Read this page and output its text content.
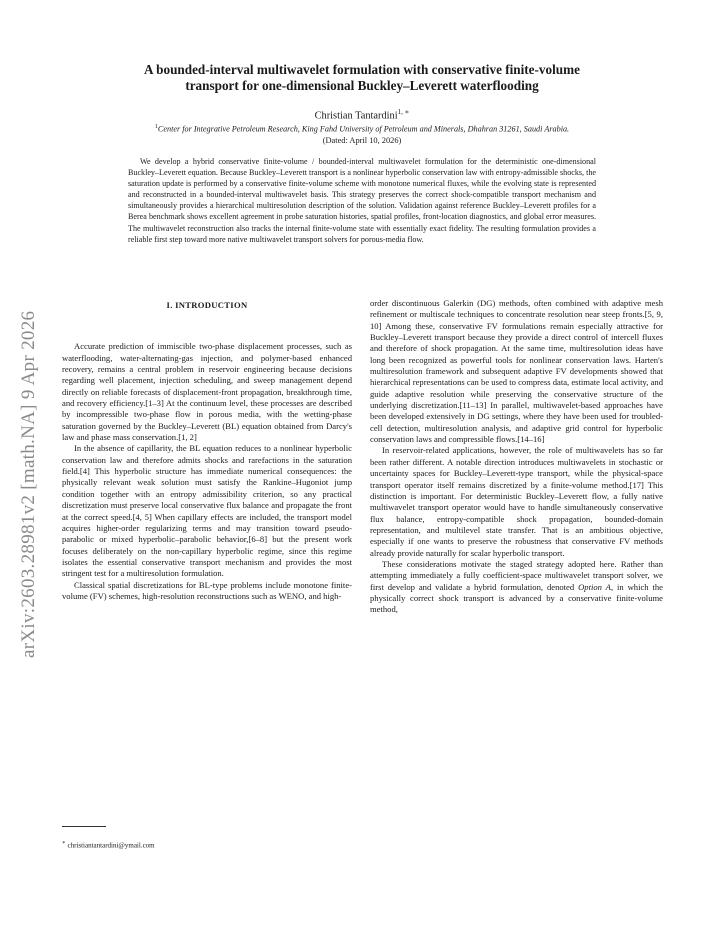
arXiv:2603.28981v2 [math.NA] 9 Apr 2026
A bounded-interval multiwavelet formulation with conservative finite-volume
transport for one-dimensional Buckley–Leverett waterflooding
Christian Tantardini$^{1, ∗}$
$^1$Center for Integrative Petroleum Research, King Fahd University of Petroleum and Minerals, Dhahran 31261, Saudi Arabia.
(Dated: April 10, 2026)
We develop a hybrid conservative finite-volume / bounded-interval multiwavelet formulation for the deterministic one-dimensional Buckley–Leverett equation. Because Buckley–Leverett transport is a nonlinear hyperbolic conservation law with entropy-admissible shocks, the saturation update is performed by a conservative finite-volume scheme with monotone numerical fluxes, while the evolving state is represented and reconstructed in a bounded-interval multiwavelet basis. This strategy preserves the correct shock-compatible transport mechanism and simultaneously provides a hierarchical multiresolution description of the solution. Validation against reference Buckley–Leverett profiles for a Berea benchmark shows excellent agreement in probe saturation histories, spatial profiles, front-location diagnostics, and global error measures. The multiwavelet reconstruction also tracks the internal finite-volume state with essentially exact fidelity. The resulting formulation provides a reliable first step toward more native multiwavelet transport solvers for porous-media flow.
I. INTRODUCTION

Accurate prediction of immiscible two-phase displacement processes, such as waterflooding, water-alternating-gas injection, and polymer-based enhanced recovery, remains a central problem in reservoir engineering because decisions regarding well placement, injection scheduling, and sweep management depend directly on reliable forecasts of displacement-front propagation, breakthrough time, and recovery efficiency.[1–3] At the continuum level, these processes are described by incompressible two-phase flow in porous media, with the wetting-phase saturation governed by the Buckley–Leverett (BL) equation obtained from Darcy's law and phase mass conservation.[1, 2]

In the absence of capillarity, the BL equation reduces to a nonlinear hyperbolic conservation law and therefore admits shocks and rarefactions in the saturation field.[4] This hyperbolic structure has immediate numerical consequences: the physically relevant weak solution must satisfy the Rankine–Hugoniot jump condition together with an entropy admissibility criterion, so any practical discretization must preserve local conservative flux balance and propagate the front at the correct speed.[4, 5] When capillary effects are included, the transport model acquires higher-order regularizing terms and may transition toward pseudo-parabolic or mixed hyperbolic–parabolic behavior,[6–8] but the present work focuses deliberately on the non-capillary hyperbolic regime, since this regime isolates the essential conservative transport mechanism and provides the most stringent test for a multiresolution formulation.

Classical spatial discretizations for BL-type problems include monotone finite-volume (FV) schemes, high-resolution reconstructions such as WENO, and high-

order discontinuous Galerkin (DG) methods, often combined with adaptive mesh refinement or multiscale techniques to concentrate resolution near steep fronts.[5, 9, 10] Among these, conservative FV formulations remain especially attractive for Buckley–Leverett transport because they provide a direct control of intercell fluxes and therefore of shock propagation. At the same time, multiresolution ideas have long been recognized as powerful tools for nonlinear conservation laws. Harten's multiresolution framework and subsequent adaptive FV developments showed that hierarchical representations can be used to compress data, estimate local activity, and guide adaptive resolution while preserving the conservative structure of the underlying discretization.[11–13] In parallel, multiwavelet-based approaches have been developed extensively in DG settings, where they have been used for troubled-cell detection, multiresolution analysis, and adaptive grid control for hyperbolic conservation laws and compressible flows.[14–16]

In reservoir-related applications, however, the role of multiwavelets has so far been rather different. A notable direction introduces multiwavelets in stochastic or uncertainty spaces for Buckley–Leverett-type transport, while the physical-space transport operator itself remains discretized by a finite-volume method.[17] This distinction is important. For deterministic Buckley–Leverett flow, a fully native multiwavelet transport operator would have to handle simultaneously conservative flux balance, entropy-compatible shock propagation, bounded-domain representation, and multilevel state transfer. That is an ambitious objective, especially if one wants to preserve the robustness that conservative FV methods already provide naturally for scalar hyperbolic transport.

These considerations motivate the staged strategy adopted here. Rather than attempting immediately a fully coefficient-space multiwavelet transport solver, we first develop and validate a hybrid formulation, denoted Option A, in which the physically correct shock transport is advanced by a conservative finite-volume method,

∗ christiantantardini@ymail.com
